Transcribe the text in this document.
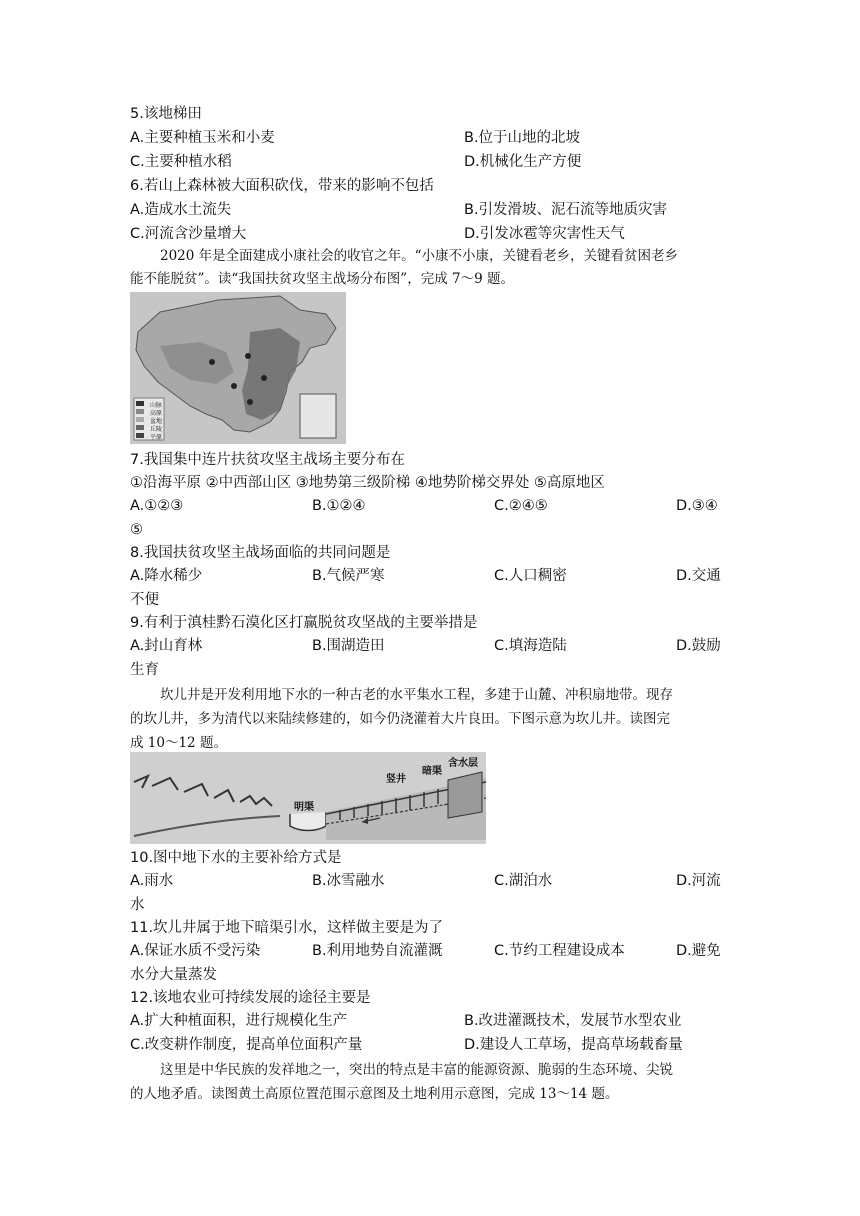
5.该地梯田
A.主要种植玉米和小麦	B.位于山地的北坡
C.主要种植水稻	D.机械化生产方便
6.若山上森林被大面积砍伐，带来的影响不包括
A.造成水土流失	B.引发滑坡、泥石流等地质灾害
C.河流含沙量增大	D.引发冰雹等灾害性天气
2020 年是全面建成小康社会的收官之年。“小康不小康，关键看老乡，关键看贫困老乡
能不能脱贫”。读“我国扶贫攻坚主战场分布图”，完成 7～9 题。
山脉
高原
盆地
丘陵
平原
7.我国集中连片扶贫攻坚主战场主要分布在
①沿海平原 ②中西部山区 ③地势第三级阶梯 ④地势阶梯交界处 ⑤高原地区
A.①②③	B.①②④	C.②④⑤	D.③④
⑤
8.我国扶贫攻坚主战场面临的共同问题是
A.降水稀少	B.气候严寒	C.人口稠密	D.交通
不便
9.有利于滇桂黔石漠化区打赢脱贫攻坚战的主要举措是
A.封山育林	B.围湖造田	C.填海造陆	D.鼓励
生育
坎儿井是开发利用地下水的一种古老的水平集水工程，多建于山麓、冲积扇地带。现存
的坎儿井，多为清代以来陆续修建的，如今仍浇灌着大片良田。下图示意为坎儿井。读图完
成 10～12 题。
明渠
竖井
暗渠
含水层
10.图中地下水的主要补给方式是
A.雨水	B.冰雪融水	C.湖泊水	D.河流
水
11.坎儿井属于地下暗渠引水，这样做主要是为了
A.保证水质不受污染	B.利用地势自流灌溉	C.节约工程建设成本	D.避免
水分大量蒸发
12.该地农业可持续发展的途径主要是
A.扩大种植面积，进行规模化生产	B.改进灌溉技术，发展节水型农业
C.改变耕作制度，提高单位面积产量	D.建设人工草场，提高草场载畜量
这里是中华民族的发祥地之一，突出的特点是丰富的能源资源、脆弱的生态环境、尖锐
的人地矛盾。读图黄土高原位置范围示意图及土地利用示意图，完成 13～14 题。
